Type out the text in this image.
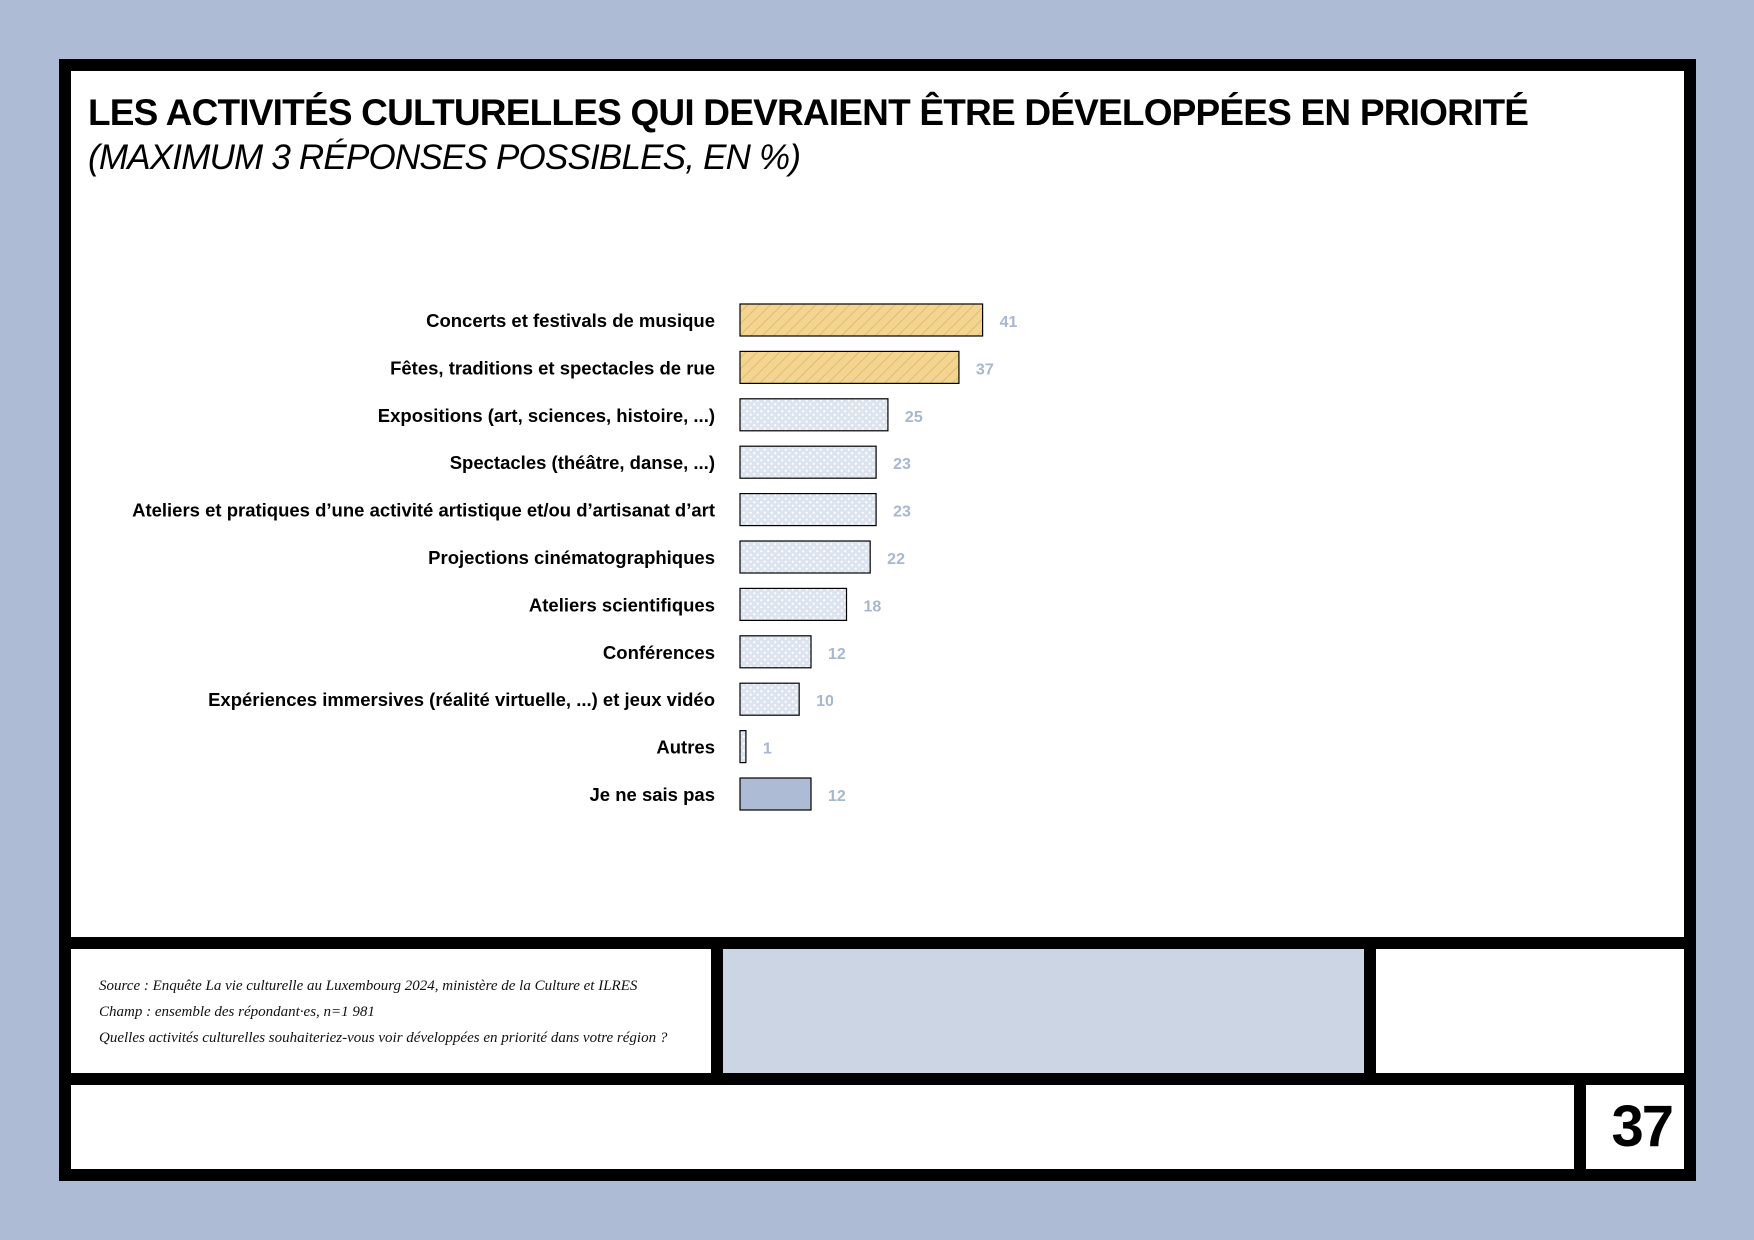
Source : Enquête La vie culturelle au Luxembourg 2024, ministère de la Culture et ILRES
Champ : ensemble des répondant·es, n=1 981
Quelles activités culturelles souhaiteriez-vous voir développées en priorité dans votre région ?
37
LES ACTIVITÉS CULTURELLES QUI DEVRAIENT ÊTRE DÉVELOPPÉES EN PRIORITÉ
(MAXIMUM 3 RÉPONSES POSSIBLES, EN %)
Concerts et festivals de musique	41
Fêtes, traditions et spectacles de rue	37
Expositions (art, sciences, histoire, ...)	25
Spectacles (théâtre, danse, ...)	23
Ateliers et pratiques d’une activité artistique et/ou d’artisanat d’art	23
Projections cinématographiques	22
Ateliers scientifiques	18
Conférences	12
Expériences immersives (réalité virtuelle, ...) et jeux vidéo	10
Autres	1
Je ne sais pas	12
